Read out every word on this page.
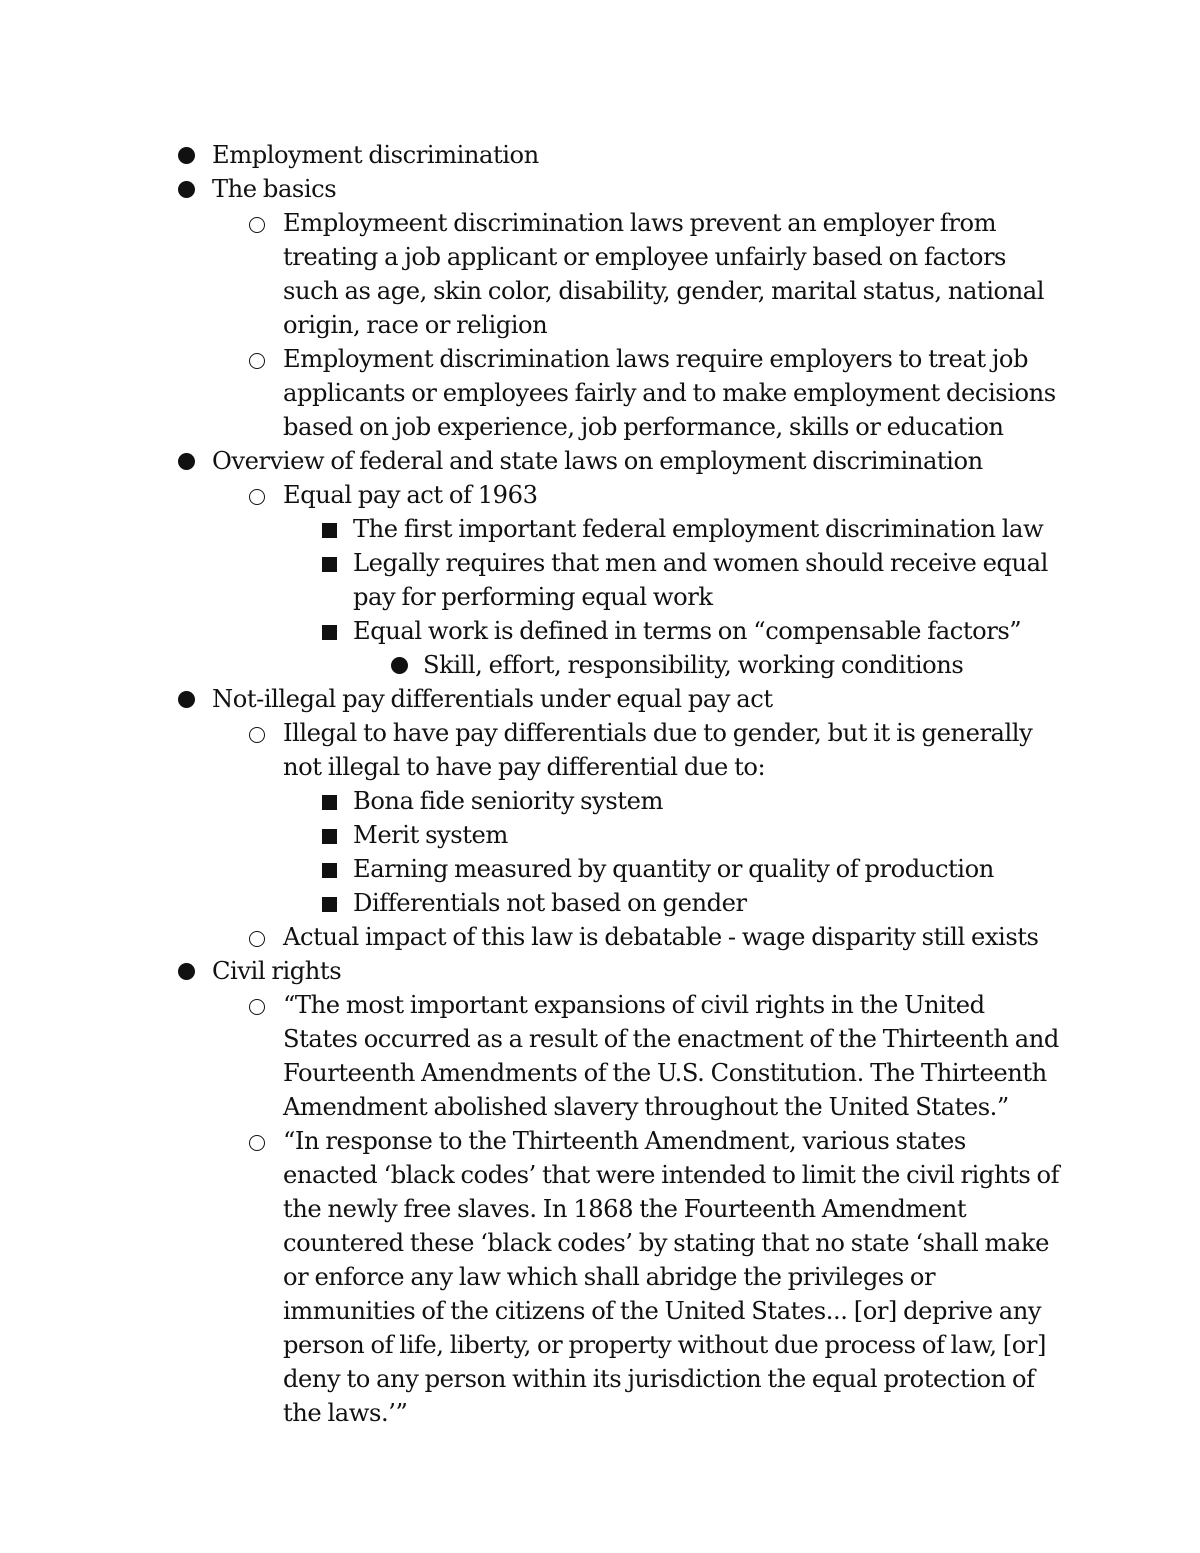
Employment discrimination
The basics
Employmeent discrimination laws prevent an employer from treating a job applicant or employee unfairly based on factors such as age, skin color, disability, gender, marital status, national origin, race or religion
Employment discrimination laws require employers to treat job applicants or employees fairly and to make employment decisions based on job experience, job performance, skills or education
Overview of federal and state laws on employment discrimination
Equal pay act of 1963
The first important federal employment discrimination law
Legally requires that men and women should receive equal pay for performing equal work
Equal work is defined in terms on “compensable factors”
Skill, effort, responsibility, working conditions
Not-illegal pay differentials under equal pay act
Illegal to have pay differentials due to gender, but it is generally not illegal to have pay differential due to:
Bona fide seniority system
Merit system
Earning measured by quantity or quality of production
Differentials not based on gender
Actual impact of this law is debatable - wage disparity still exists
Civil rights
“The most important expansions of civil rights in the United States occurred as a result of the enactment of the Thirteenth and Fourteenth Amendments of the U.S. Constitution. The Thirteenth Amendment abolished slavery throughout the United States.”
“In response to the Thirteenth Amendment, various states enacted ‘black codes’ that were intended to limit the civil rights of the newly free slaves. In 1868 the Fourteenth Amendment countered these ‘black codes’ by stating that no state ‘shall make or enforce any law which shall abridge the privileges or immunities of the citizens of the United States... [or] deprive any person of life, liberty, or property without due process of law, [or] deny to any person within its jurisdiction the equal protection of the laws.’”
